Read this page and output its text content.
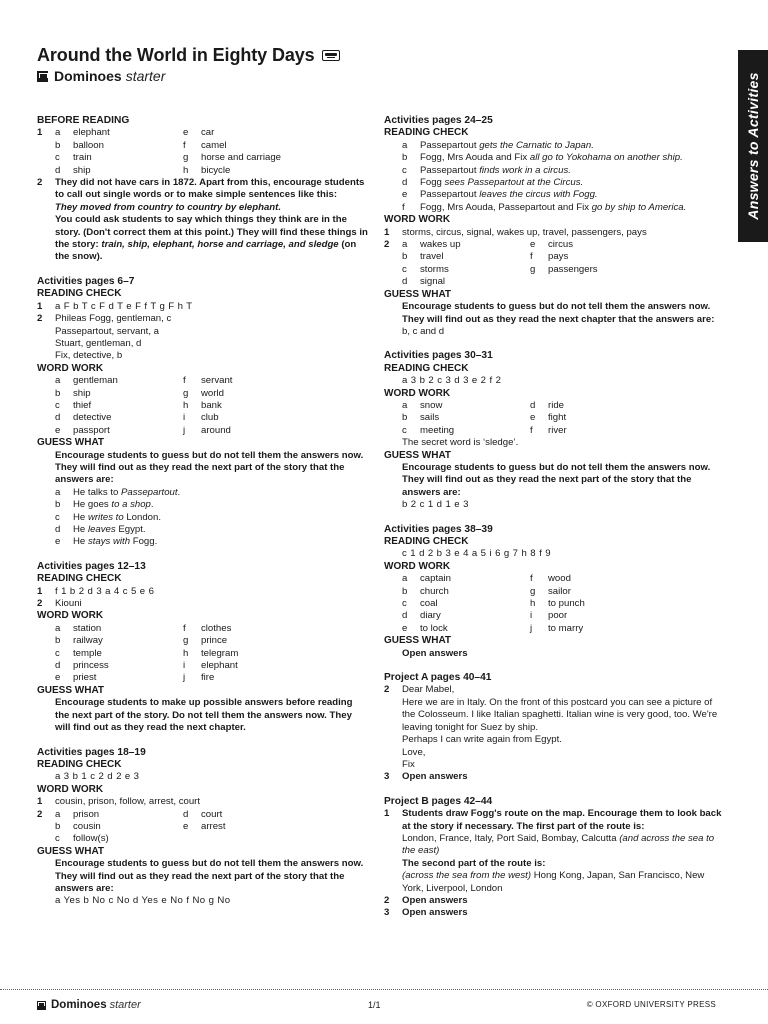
Around the World in Eighty Days
Dominoes starter	Answers to Activities
BEFORE READING
1	a	elephant	e	car
b	balloon	f	camel
c	train	g	horse and carriage
d	ship	h	bicycle
2	They did not have cars in 1872. Apart from this, encourage students to call out single words or to make simple sentences like this:
They moved from country to country by elephant.
You could ask students to say which things they think are in the story. (Don't correct them at this point.) They will find these things in the story: train, ship, elephant, horse and carriage, and sledge (on the snow).
Activities pages 6–7
READING CHECK
1	a F b T c F d T e F f T g F h T
2	Phileas Fogg, gentleman, c
Passepartout, servant, a
Stuart, gentleman, d
Fix, detective, b
WORD WORK
a	gentleman	f	servant
b	ship	g	world
c	thief	h	bank
d	detective	i	club
e	passport	j	around
GUESS WHAT
Encourage students to guess but do not tell them the answers now. They will find out as they read the next part of the story that the answers are:
a	He talks to Passepartout.
b	He goes to a shop.
c	He writes to London.
d	He leaves Egypt.
e	He stays with Fogg.
Activities pages 12–13
READING CHECK
1	f 1 b 2 d 3 a 4 c 5 e 6
2	Kiouni
WORD WORK
a	station	f	clothes
b	railway	g	prince
c	temple	h	telegram
d	princess	i	elephant
e	priest	j	fire
GUESS WHAT
Encourage students to make up possible answers before reading the next part of the story. Do not tell them the answers now. They will find out as they read the next chapter.
Activities pages 18–19
READING CHECK
a 3 b 1 c 2 d 2 e 3
WORD WORK
1	cousin, prison, follow, arrest, court
2	a	prison	d	court
b	cousin	e	arrest
c	follow(s)
GUESS WHAT
Encourage students to guess but do not tell them the answers now. They will find out as they read the next part of the story that the answers are:
a Yes b No c No d Yes e No f No g No
Activities pages 24–25
READING CHECK
a	Passepartout gets the Carnatic to Japan.
b	Fogg, Mrs Aouda and Fix all go to Yokohama on another ship.
c	Passepartout finds work in a circus.
d	Fogg sees Passepartout at the Circus.
e	Passepartout leaves the circus with Fogg.
f	Fogg, Mrs Aouda, Passepartout and Fix go by ship to America.
WORD WORK
1	storms, circus, signal, wakes up, travel, passengers, pays
2	a	wakes up	e	circus
b	travel	f	pays
c	storms	g	passengers
d	signal
GUESS WHAT
Encourage students to guess but do not tell them the answers now. They will find out as they read the next chapter that the answers are:
b, c and d
Activities pages 30–31
READING CHECK
a 3 b 2 c 3 d 3 e 2 f 2
WORD WORK
a	snow	d	ride
b	sails	e	fight
c	meeting	f	river
The secret word is ‘sledge’.
GUESS WHAT
Encourage students to guess but do not tell them the answers now. They will find out as they read the next part of the story that the answers are:
b 2 c 1 d 1 e 3
Activities pages 38–39
READING CHECK
c 1 d 2 b 3 e 4 a 5 i 6 g 7 h 8 f 9
WORD WORK
a	captain	f	wood
b	church	g	sailor
c	coal	h	to punch
d	diary	i	poor
e	to lock	j	to marry
GUESS WHAT
Open answers
Project A pages 40–41
2	Dear Mabel,
Here we are in Italy. On the front of this postcard you can see a picture of the Colosseum. I like Italian spaghetti. Italian wine is very good, too. We're leaving tonight for Suez by ship.
Perhaps I can write again from Egypt.
Love,
Fix
3	Open answers
Project B pages 42–44
1	Students draw Fogg's route on the map. Encourage them to look back at the story if necessary. The first part of the route is:
London, France, Italy, Port Said, Bombay, Calcutta (and across the sea to the east)
The second part of the route is:
(across the sea from the west) Hong Kong, Japan, San Francisco, New York, Liverpool, London
2	Open answers
3	Open answers
Dominoes starter	1/1	© OXFORD UNIVERSITY PRESS
